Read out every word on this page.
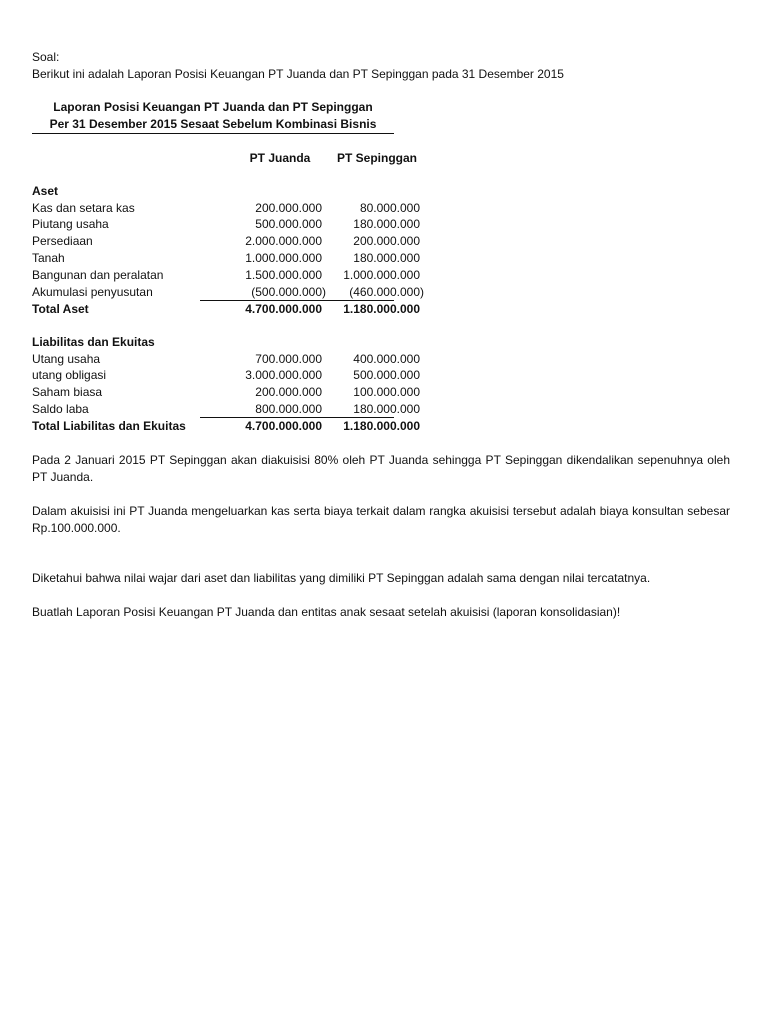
Soal:
Berikut ini adalah Laporan Posisi Keuangan PT Juanda dan PT Sepinggan pada 31 Desember 2015
Laporan Posisi Keuangan PT Juanda dan PT Sepinggan
Per 31 Desember 2015 Sesaat Sebelum Kombinasi Bisnis
PT Juanda	PT Sepinggan
Aset
Kas dan setara kas	200.000.000	80.000.000
Piutang usaha	500.000.000	180.000.000
Persediaan	2.000.000.000	200.000.000
Tanah	1.000.000.000	180.000.000
Bangunan dan peralatan	1.500.000.000	1.000.000.000
Akumulasi penyusutan	(500.000.000)	(460.000.000)
Total Aset	4.700.000.000	1.180.000.000
Liabilitas dan Ekuitas
Utang usaha	700.000.000	400.000.000
utang obligasi	3.000.000.000	500.000.000
Saham biasa	200.000.000	100.000.000
Saldo laba	800.000.000	180.000.000
Total Liabilitas dan Ekuitas	4.700.000.000	1.180.000.000
Pada 2 Januari 2015 PT Sepinggan akan diakuisisi 80% oleh PT Juanda sehingga PT Sepinggan dikendalikan sepenuhnya oleh PT Juanda.
Dalam akuisisi ini PT Juanda mengeluarkan kas serta biaya terkait dalam rangka akuisisi tersebut adalah biaya konsultan sebesar Rp.100.000.000.
Diketahui bahwa nilai wajar dari aset dan liabilitas yang dimiliki PT Sepinggan adalah sama dengan nilai tercatatnya.
Buatlah Laporan Posisi Keuangan PT Juanda dan entitas anak sesaat setelah akuisisi (laporan konsolidasian)!
